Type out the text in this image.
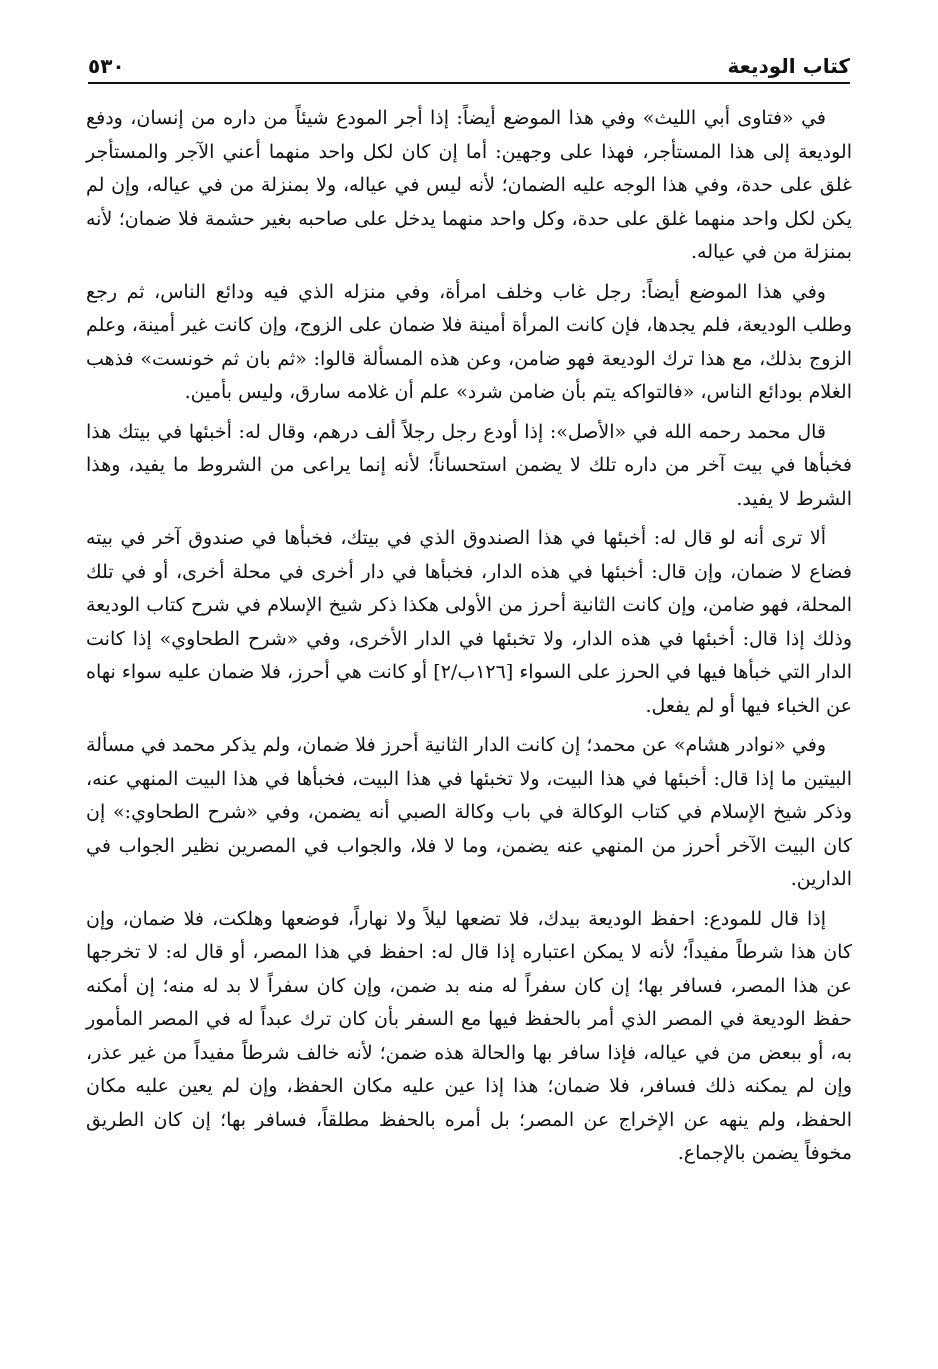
كتاب الوديعة
٥٣٠

في «فتاوى أبي الليث» وفي هذا الموضع أيضاً: إذا أجر المودع شيئاً من داره من إنسان، ودفع الوديعة إلى هذا المستأجر، فهذا على وجهين: أما إن كان لكل واحد منهما أعني الآجر والمستأجر غلق على حدة، وفي هذا الوجه عليه الضمان؛ لأنه ليس في عياله، ولا بمنزلة من في عياله، وإن لم يكن لكل واحد منهما غلق على حدة، وكل واحد منهما يدخل على صاحبه بغير حشمة فلا ضمان؛ لأنه بمنزلة من في عياله.

وفي هذا الموضع أيضاً: رجل غاب وخلف امرأة، وفي منزله الذي فيه ودائع الناس، ثم رجع وطلب الوديعة، فلم يجدها، فإن كانت المرأة أمينة فلا ضمان على الزوج، وإن كانت غير أمينة، وعلم الزوج بذلك، مع هذا ترك الوديعة فهو ضامن، وعن هذه المسألة قالوا: «ثم بان ثم خونست» فذهب الغلام بودائع الناس، «فالتواكه يتم بأن ضامن شرد» علم أن غلامه سارق، وليس بأمين.

قال محمد رحمه الله في «الأصل»: إذا أودع رجل رجلاً ألف درهم، وقال له: أخبئها في بيتك هذا فخبأها في بيت آخر من داره تلك لا يضمن استحساناً؛ لأنه إنما يراعى من الشروط ما يفيد، وهذا الشرط لا يفيد.

ألا ترى أنه لو قال له: أخبئها في هذا الصندوق الذي في بيتك، فخبأها في صندوق آخر في بيته فضاع لا ضمان، وإن قال: أخبئها في هذه الدار، فخبأها في دار أخرى في محلة أخرى، أو في تلك المحلة، فهو ضامن، وإن كانت الثانية أحرز من الأولى هكذا ذكر شيخ الإسلام في شرح كتاب الوديعة وذلك إذا قال: أخبئها في هذه الدار، ولا تخبئها في الدار الأخرى، وفي «شرح الطحاوي» إذا كانت الدار التي خبأها فيها في الحرز على السواء [١٢٦ب/٢] أو كانت هي أحرز، فلا ضمان عليه سواء نهاه عن الخباء فيها أو لم يفعل.

وفي «نوادر هشام» عن محمد؛ إن كانت الدار الثانية أحرز فلا ضمان، ولم يذكر محمد في مسألة البيتين ما إذا قال: أخبئها في هذا البيت، ولا تخبئها في هذا البيت، فخبأها في هذا البيت المنهي عنه، وذكر شيخ الإسلام في كتاب الوكالة في باب وكالة الصبي أنه يضمن، وفي «شرح الطحاوي:» إن كان البيت الآخر أحرز من المنهي عنه يضمن، وما لا فلا، والجواب في المصرين نظير الجواب في الدارين.

إذا قال للمودع: احفظ الوديعة بيدك، فلا تضعها ليلاً ولا نهاراً، فوضعها وهلكت، فلا ضمان، وإن كان هذا شرطاً مفيداً؛ لأنه لا يمكن اعتباره إذا قال له: احفظ في هذا المصر، أو قال له: لا تخرجها عن هذا المصر، فسافر بها؛ إن كان سفراً له منه بد ضمن، وإن كان سفراً لا بد له منه؛ إن أمكنه حفظ الوديعة في المصر الذي أمر بالحفظ فيها مع السفر بأن كان ترك عبداً له في المصر المأمور به، أو ببعض من في عياله، فإذا سافر بها والحالة هذه ضمن؛ لأنه خالف شرطاً مفيداً من غير عذر، وإن لم يمكنه ذلك فسافر، فلا ضمان؛ هذا إذا عين عليه مكان الحفظ، وإن لم يعين عليه مكان الحفظ، ولم ينهه عن الإخراج عن المصر؛ بل أمره بالحفظ مطلقاً، فسافر بها؛ إن كان الطريق مخوفاً يضمن بالإجماع.
